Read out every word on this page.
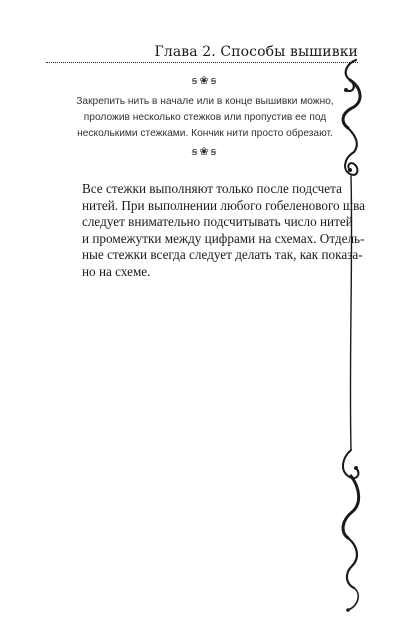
Глава 2. Способы вышивки
ꞩ❀ꞩ
Закрепить нить в начале или в конце вышивки можно,
проложив несколько стежков или пропустив ее под
несколькими стежками. Кончик нити просто обрезают.
ꞩ❀ꞩ
Все стежки выполняют только после подсчета
нитей. При выполнении любого гобеленового шва
следует внимательно подсчитывать число нитей
и промежутки между цифрами на схемах. Отдель-
ные стежки всегда следует делать так, как показа-
но на схеме.
